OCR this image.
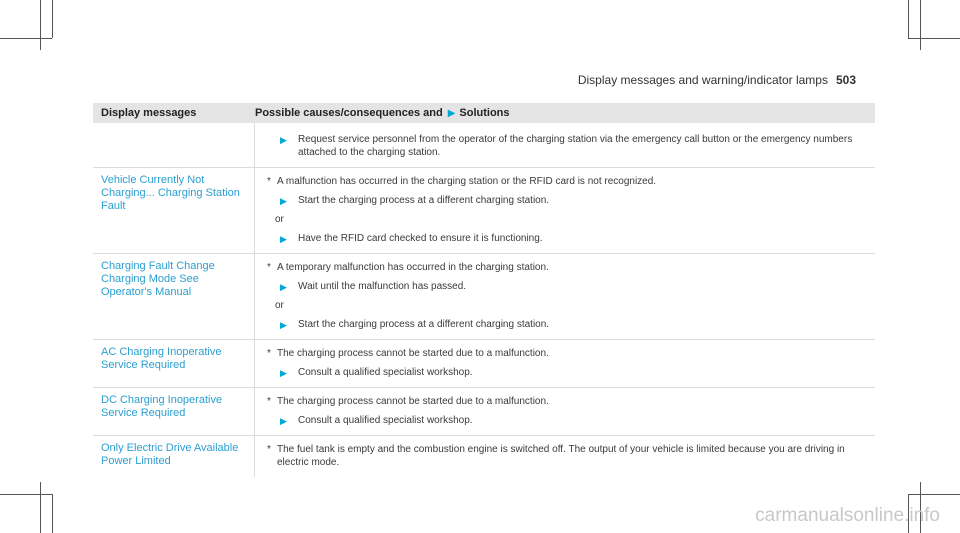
Display messages and warning/indicator lamps 503
Display messages	Possible causes/consequences and ▶ Solutions
▶ Request service personnel from the operator of the charging station via the emergency call button or the emergency numbers attached to the charging station.
Vehicle Currently Not Charging... Charging Station Fault
* A malfunction has occurred in the charging station or the RFID card is not recognized.
▶ Start the charging process at a different charging station.
or
▶ Have the RFID card checked to ensure it is functioning.
Charging Fault Change Charging Mode See Operator's Manual
* A temporary malfunction has occurred in the charging station.
▶ Wait until the malfunction has passed.
or
▶ Start the charging process at a different charging station.
AC Charging Inoperative Service Required
* The charging process cannot be started due to a malfunction.
▶ Consult a qualified specialist workshop.
DC Charging Inoperative Service Required
* The charging process cannot be started due to a malfunction.
▶ Consult a qualified specialist workshop.
Only Electric Drive Available Power Limited
* The fuel tank is empty and the combustion engine is switched off. The output of your vehicle is limited because you are driving in electric mode.
carmanualsonline.info
